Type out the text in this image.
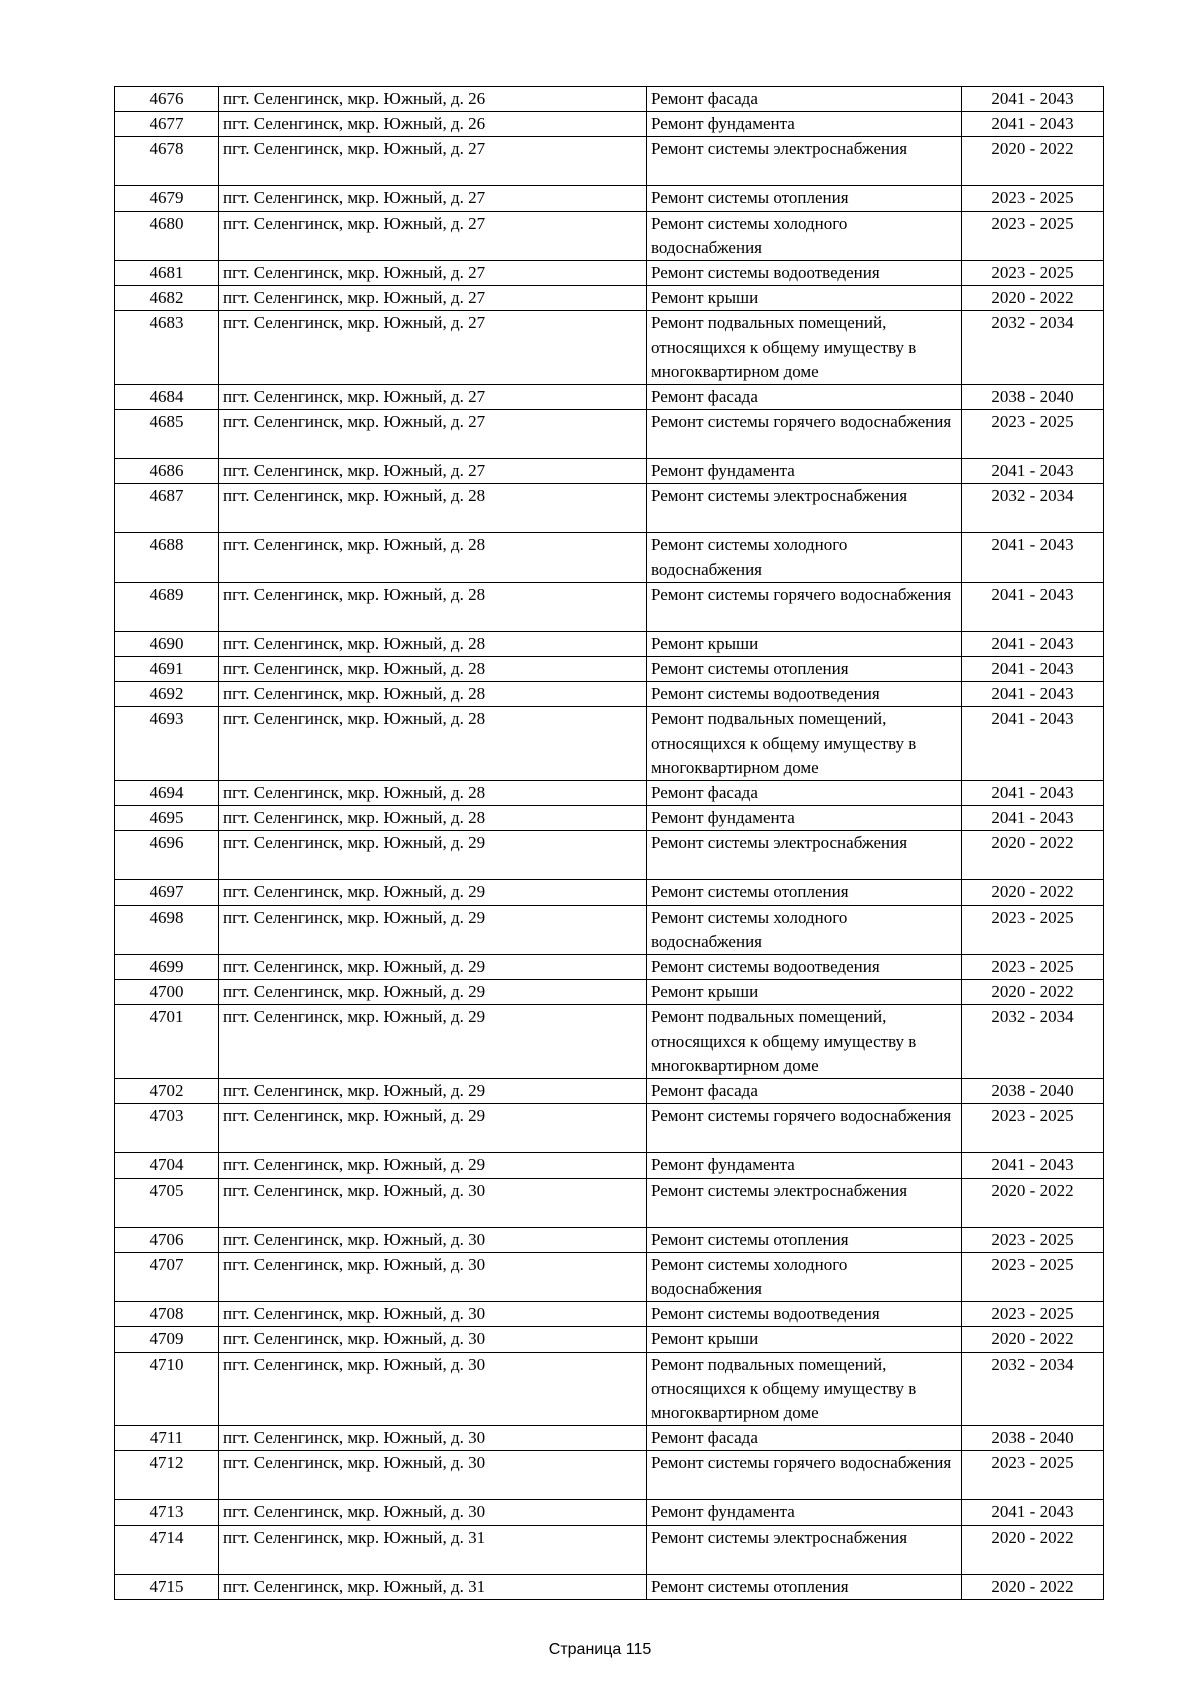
4676	пгт. Селенгинск, мкр. Южный, д. 26	Ремонт фасада	2041 - 2043
4677	пгт. Селенгинск, мкр. Южный, д. 26	Ремонт фундамента	2041 - 2043
4678	пгт. Селенгинск, мкр. Южный, д. 27	Ремонт системы электроснабжения	2020 - 2022
4679	пгт. Селенгинск, мкр. Южный, д. 27	Ремонт системы отопления	2023 - 2025
4680	пгт. Селенгинск, мкр. Южный, д. 27	Ремонт системы холодного водоснабжения	2023 - 2025
4681	пгт. Селенгинск, мкр. Южный, д. 27	Ремонт системы водоотведения	2023 - 2025
4682	пгт. Селенгинск, мкр. Южный, д. 27	Ремонт крыши	2020 - 2022
4683	пгт. Селенгинск, мкр. Южный, д. 27	Ремонт подвальных помещений, относящихся к общему имуществу в многоквартирном доме	2032 - 2034
4684	пгт. Селенгинск, мкр. Южный, д. 27	Ремонт фасада	2038 - 2040
4685	пгт. Селенгинск, мкр. Южный, д. 27	Ремонт системы горячего водоснабжения	2023 - 2025
4686	пгт. Селенгинск, мкр. Южный, д. 27	Ремонт фундамента	2041 - 2043
4687	пгт. Селенгинск, мкр. Южный, д. 28	Ремонт системы электроснабжения	2032 - 2034
4688	пгт. Селенгинск, мкр. Южный, д. 28	Ремонт системы холодного водоснабжения	2041 - 2043
4689	пгт. Селенгинск, мкр. Южный, д. 28	Ремонт системы горячего водоснабжения	2041 - 2043
4690	пгт. Селенгинск, мкр. Южный, д. 28	Ремонт крыши	2041 - 2043
4691	пгт. Селенгинск, мкр. Южный, д. 28	Ремонт системы отопления	2041 - 2043
4692	пгт. Селенгинск, мкр. Южный, д. 28	Ремонт системы водоотведения	2041 - 2043
4693	пгт. Селенгинск, мкр. Южный, д. 28	Ремонт подвальных помещений, относящихся к общему имуществу в многоквартирном доме	2041 - 2043
4694	пгт. Селенгинск, мкр. Южный, д. 28	Ремонт фасада	2041 - 2043
4695	пгт. Селенгинск, мкр. Южный, д. 28	Ремонт фундамента	2041 - 2043
4696	пгт. Селенгинск, мкр. Южный, д. 29	Ремонт системы электроснабжения	2020 - 2022
4697	пгт. Селенгинск, мкр. Южный, д. 29	Ремонт системы отопления	2020 - 2022
4698	пгт. Селенгинск, мкр. Южный, д. 29	Ремонт системы холодного водоснабжения	2023 - 2025
4699	пгт. Селенгинск, мкр. Южный, д. 29	Ремонт системы водоотведения	2023 - 2025
4700	пгт. Селенгинск, мкр. Южный, д. 29	Ремонт крыши	2020 - 2022
4701	пгт. Селенгинск, мкр. Южный, д. 29	Ремонт подвальных помещений, относящихся к общему имуществу в многоквартирном доме	2032 - 2034
4702	пгт. Селенгинск, мкр. Южный, д. 29	Ремонт фасада	2038 - 2040
4703	пгт. Селенгинск, мкр. Южный, д. 29	Ремонт системы горячего водоснабжения	2023 - 2025
4704	пгт. Селенгинск, мкр. Южный, д. 29	Ремонт фундамента	2041 - 2043
4705	пгт. Селенгинск, мкр. Южный, д. 30	Ремонт системы электроснабжения	2020 - 2022
4706	пгт. Селенгинск, мкр. Южный, д. 30	Ремонт системы отопления	2023 - 2025
4707	пгт. Селенгинск, мкр. Южный, д. 30	Ремонт системы холодного водоснабжения	2023 - 2025
4708	пгт. Селенгинск, мкр. Южный, д. 30	Ремонт системы водоотведения	2023 - 2025
4709	пгт. Селенгинск, мкр. Южный, д. 30	Ремонт крыши	2020 - 2022
4710	пгт. Селенгинск, мкр. Южный, д. 30	Ремонт подвальных помещений, относящихся к общему имуществу в многоквартирном доме	2032 - 2034
4711	пгт. Селенгинск, мкр. Южный, д. 30	Ремонт фасада	2038 - 2040
4712	пгт. Селенгинск, мкр. Южный, д. 30	Ремонт системы горячего водоснабжения	2023 - 2025
4713	пгт. Селенгинск, мкр. Южный, д. 30	Ремонт фундамента	2041 - 2043
4714	пгт. Селенгинск, мкр. Южный, д. 31	Ремонт системы электроснабжения	2020 - 2022
4715	пгт. Селенгинск, мкр. Южный, д. 31	Ремонт системы отопления	2020 - 2022
Страница 115
